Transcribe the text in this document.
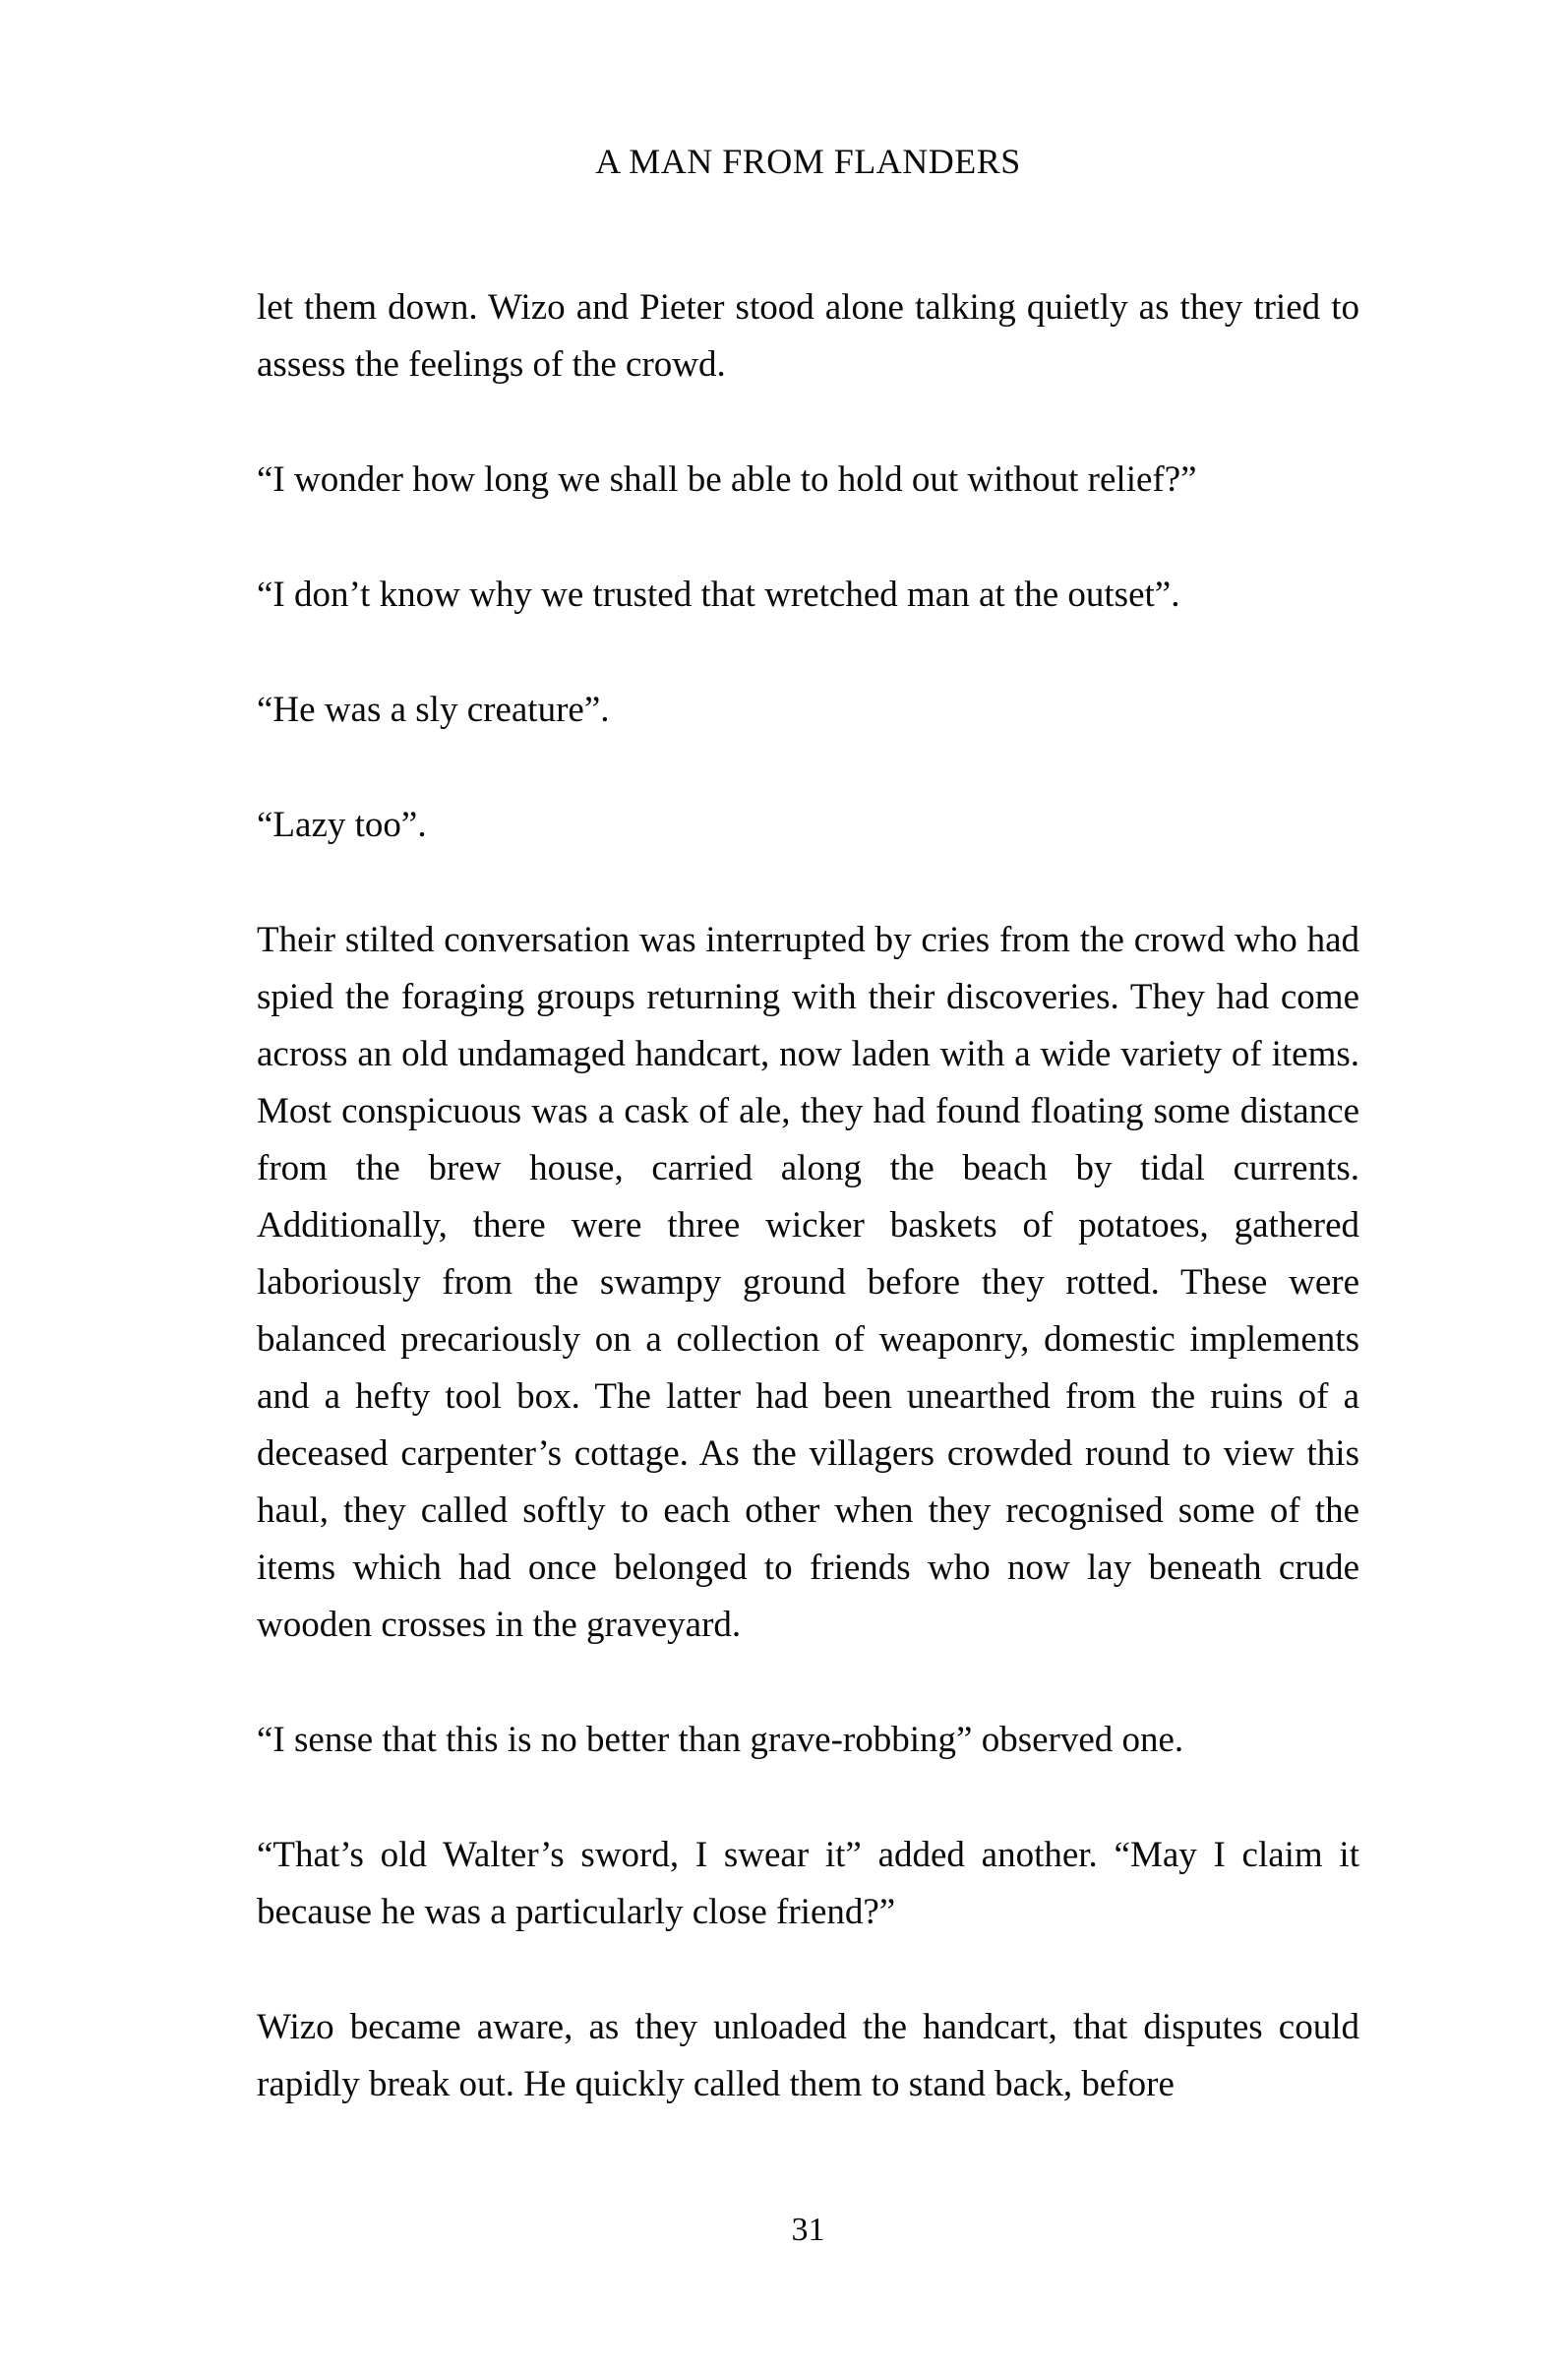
A MAN FROM FLANDERS

let them down. Wizo and Pieter stood alone talking quietly as they tried to assess the feelings of the crowd.

“I wonder how long we shall be able to hold out without relief?”

“I don’t know why we trusted that wretched man at the outset”.

“He was a sly creature”.

“Lazy too”.

Their stilted conversation was interrupted by cries from the crowd who had spied the foraging groups returning with their discoveries. They had come across an old undamaged handcart, now laden with a wide variety of items. Most conspicuous was a cask of ale, they had found floating some distance from the brew house, carried along the beach by tidal currents. Additionally, there were three wicker baskets of potatoes, gathered laboriously from the swampy ground before they rotted. These were balanced precariously on a collection of weaponry, domestic implements and a hefty tool box. The latter had been unearthed from the ruins of a deceased carpenter’s cottage. As the villagers crowded round to view this haul, they called softly to each other when they recognised some of the items which had once belonged to friends who now lay beneath crude wooden crosses in the graveyard.

“I sense that this is no better than grave-robbing” observed one.

“That’s old Walter’s sword, I swear it” added another. “May I claim it because he was a particularly close friend?”

Wizo became aware, as they unloaded the handcart, that disputes could rapidly break out. He quickly called them to stand back, before

31
